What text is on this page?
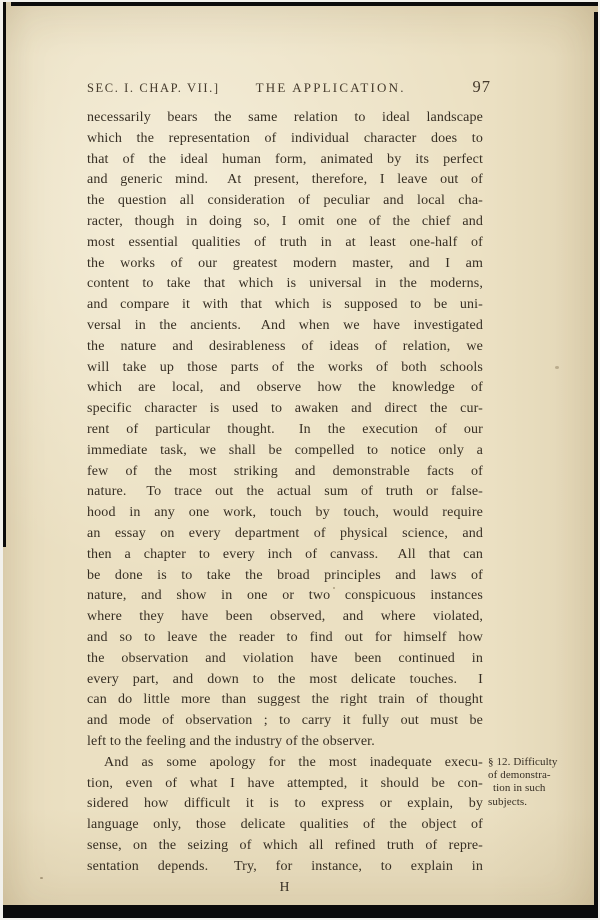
SEC. I. CHAP. VII.]	THE APPLICATION.	97
necessarily bears the same relation to ideal landscape
which the representation of individual character does to
that of the ideal human form, animated by its perfect
and generic mind.  At present, therefore, I leave out of
the question all consideration of peculiar and local cha-
racter, though in doing so, I omit one of the chief and
most essential qualities of truth in at least one-half of
the works of our greatest modern master, and I am
content to take that which is universal in the moderns,
and compare it with that which is supposed to be uni-
versal in the ancients.  And when we have investigated
the nature and desirableness of ideas of relation, we
will take up those parts of the works of both schools
which are local, and observe how the knowledge of
specific character is used to awaken and direct the cur-
rent of particular thought.  In the execution of our
immediate task, we shall be compelled to notice only a
few of the most striking and demonstrable facts of
nature.  To trace out the actual sum of truth or false-
hood in any one work, touch by touch, would require
an essay on every department of physical science, and
then a chapter to every inch of canvass.  All that can
be done is to take the broad principles and laws of
nature, and show in one or two conspicuous instances
where they have been observed, and where violated,
and so to leave the reader to find out for himself how
the observation and violation have been continued in
every part, and down to the most delicate touches.  I
can do little more than suggest the right train of thought
and mode of observation ; to carry it fully out must be
left to the feeling and the industry of the observer.
And as some apology for the most inadequate execu-
tion, even of what I have attempted, it should be con-
sidered how difficult it is to express or explain, by
language only, those delicate qualities of the object of
sense, on the seizing of which all refined truth of repre-
sentation depends.  Try, for instance, to explain in
§ 12. Difficulty
of demonstra-
tion in such
subjects.
H
